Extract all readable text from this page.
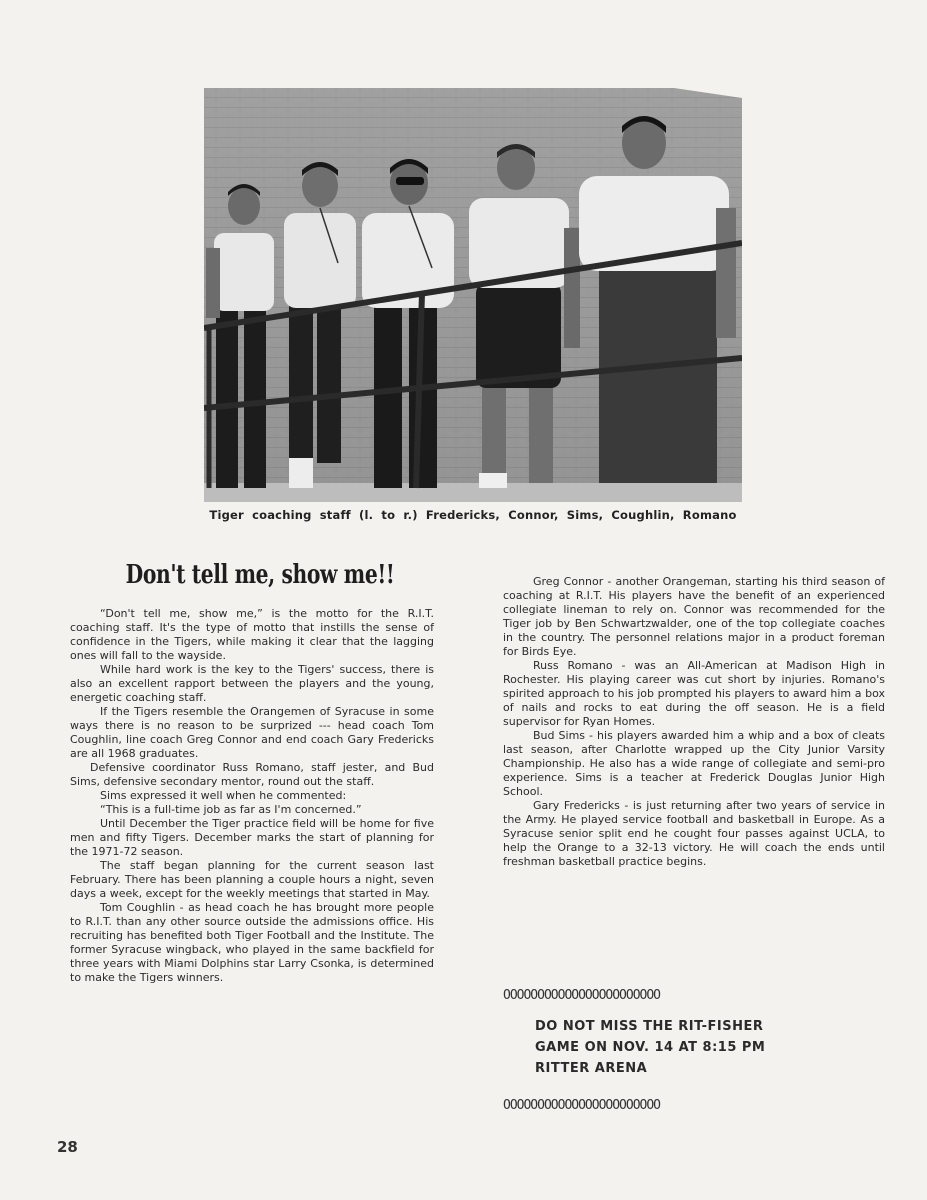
Tiger coaching staff (l. to r.) Fredericks, Connor, Sims, Coughlin, Romano
Don't tell me, show me!!

“Don't tell me, show me,” is the motto for the R.I.T. coaching staff. It's the type of motto that instills the sense of confidence in the Tigers, while making it clear that the lagging ones will fall to the wayside.

While hard work is the key to the Tigers' success, there is also an excellent rapport between the players and the young, energetic coaching staff.

If the Tigers resemble the Orangemen of Syracuse in some ways there is no reason to be surprized --- head coach Tom Coughlin, line coach Greg Connor and end coach Gary Fredericks are all 1968 graduates.

Defensive coordinator Russ Romano, staff jester, and Bud Sims, defensive secondary mentor, round out the staff.

Sims expressed it well when he commented:

“This is a full-time job as far as I'm concerned.”

Until December the Tiger practice field will be home for five men and fifty Tigers. December marks the start of planning for the 1971-72 season.

The staff began planning for the current season last February. There has been planning a couple hours a night, seven days a week, except for the weekly meetings that started in May.

Tom Coughlin - as head coach he has brought more people to R.I.T. than any other source outside the admissions office. His recruiting has benefited both Tiger Football and the Institute. The former Syracuse wingback, who played in the same backfield for three years with Miami Dolphins star Larry Csonka, is determined to make the Tigers winners.

Greg Connor - another Orangeman, starting his third season of coaching at R.I.T. His players have the benefit of an experienced collegiate lineman to rely on. Connor was recommended for the Tiger job by Ben Schwartzwalder, one of the top collegiate coaches in the country. The personnel relations major in a product foreman for Birds Eye.

Russ Romano - was an All-American at Madison High in Rochester. His playing career was cut short by injuries. Romano's spirited approach to his job prompted his players to award him a box of nails and rocks to eat during the off season. He is a field supervisor for Ryan Homes.

Bud Sims - his players awarded him a whip and a box of cleats last season, after Charlotte wrapped up the City Junior Varsity Championship. He also has a wide range of collegiate and semi-pro experience. Sims is a teacher at Frederick Douglas Junior High School.

Gary Fredericks - is just returning after two years of service in the Army. He played service football and basketball in Europe. As a Syracuse senior split end he cought four passes against UCLA, to help the Orange to a 32-13 victory. He will coach the ends until freshman basketball practice begins.

OOOOOOOOOOOOOOOOOOOOOOO
DO NOT MISS THE RIT-FISHER
GAME ON NOV. 14 AT 8:15 PM
RITTER ARENA
OOOOOOOOOOOOOOOOOOOOOOO
28
